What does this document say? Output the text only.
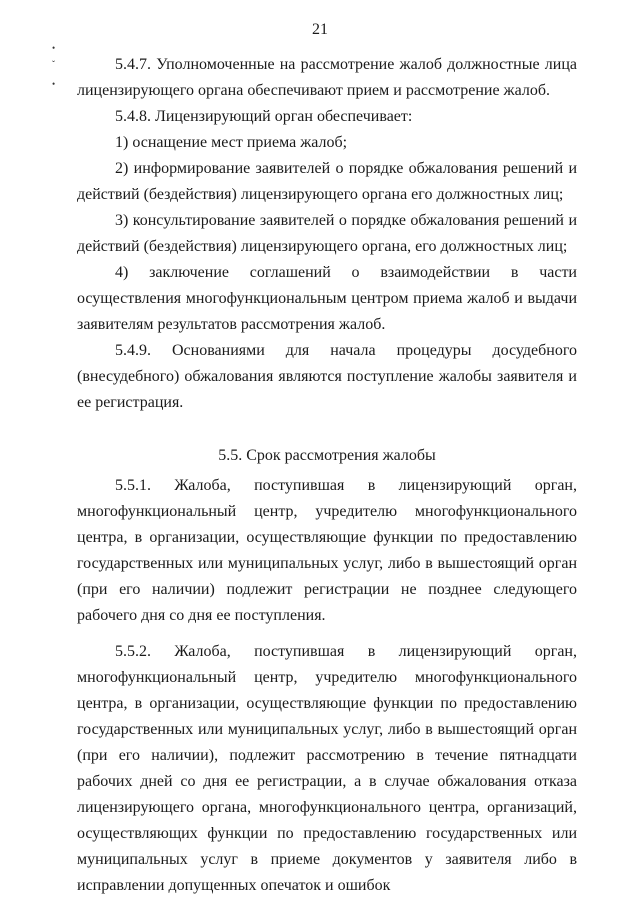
21
•
ˇ
•

5.4.7. Уполномоченные на рассмотрение жалоб должностные лица лицензирующего органа обеспечивают прием и рассмотрение жалоб.

5.4.8. Лицензирующий орган обеспечивает:

1) оснащение мест приема жалоб;

2) информирование заявителей о порядке обжалования решений и действий (бездействия) лицензирующего органа его должностных лиц;

3) консультирование заявителей о порядке обжалования решений и действий (бездействия) лицензирующего органа, его должностных лиц;

4) заключение соглашений о взаимодействии в части осуществления многофункциональным центром приема жалоб и выдачи заявителям результатов рассмотрения жалоб.

5.4.9. Основаниями для начала процедуры досудебного (внесудебного) обжалования являются поступление жалобы заявителя и ее регистрация.

5.5. Срок рассмотрения жалобы

5.5.1. Жалоба, поступившая в лицензирующий орган, многофункциональный центр, учредителю многофункционального центра, в организации, осуществляющие функции по предоставлению государственных или муниципальных услуг, либо в вышестоящий орган (при его наличии) подлежит регистрации не позднее следующего рабочего дня со дня ее поступления.

5.5.2. Жалоба, поступившая в лицензирующий орган, многофункциональный центр, учредителю многофункционального центра, в организации, осуществляющие функции по предоставлению государственных или муниципальных услуг, либо в вышестоящий орган (при его наличии), подлежит рассмотрению в течение пятнадцати рабочих дней со дня ее регистрации, а в случае обжалования отказа лицензирующего органа, многофункционального центра, организаций, осуществляющих функции по предоставлению государственных или муниципальных услуг в приеме документов у заявителя либо в исправлении допущенных опечаток и ошибок
